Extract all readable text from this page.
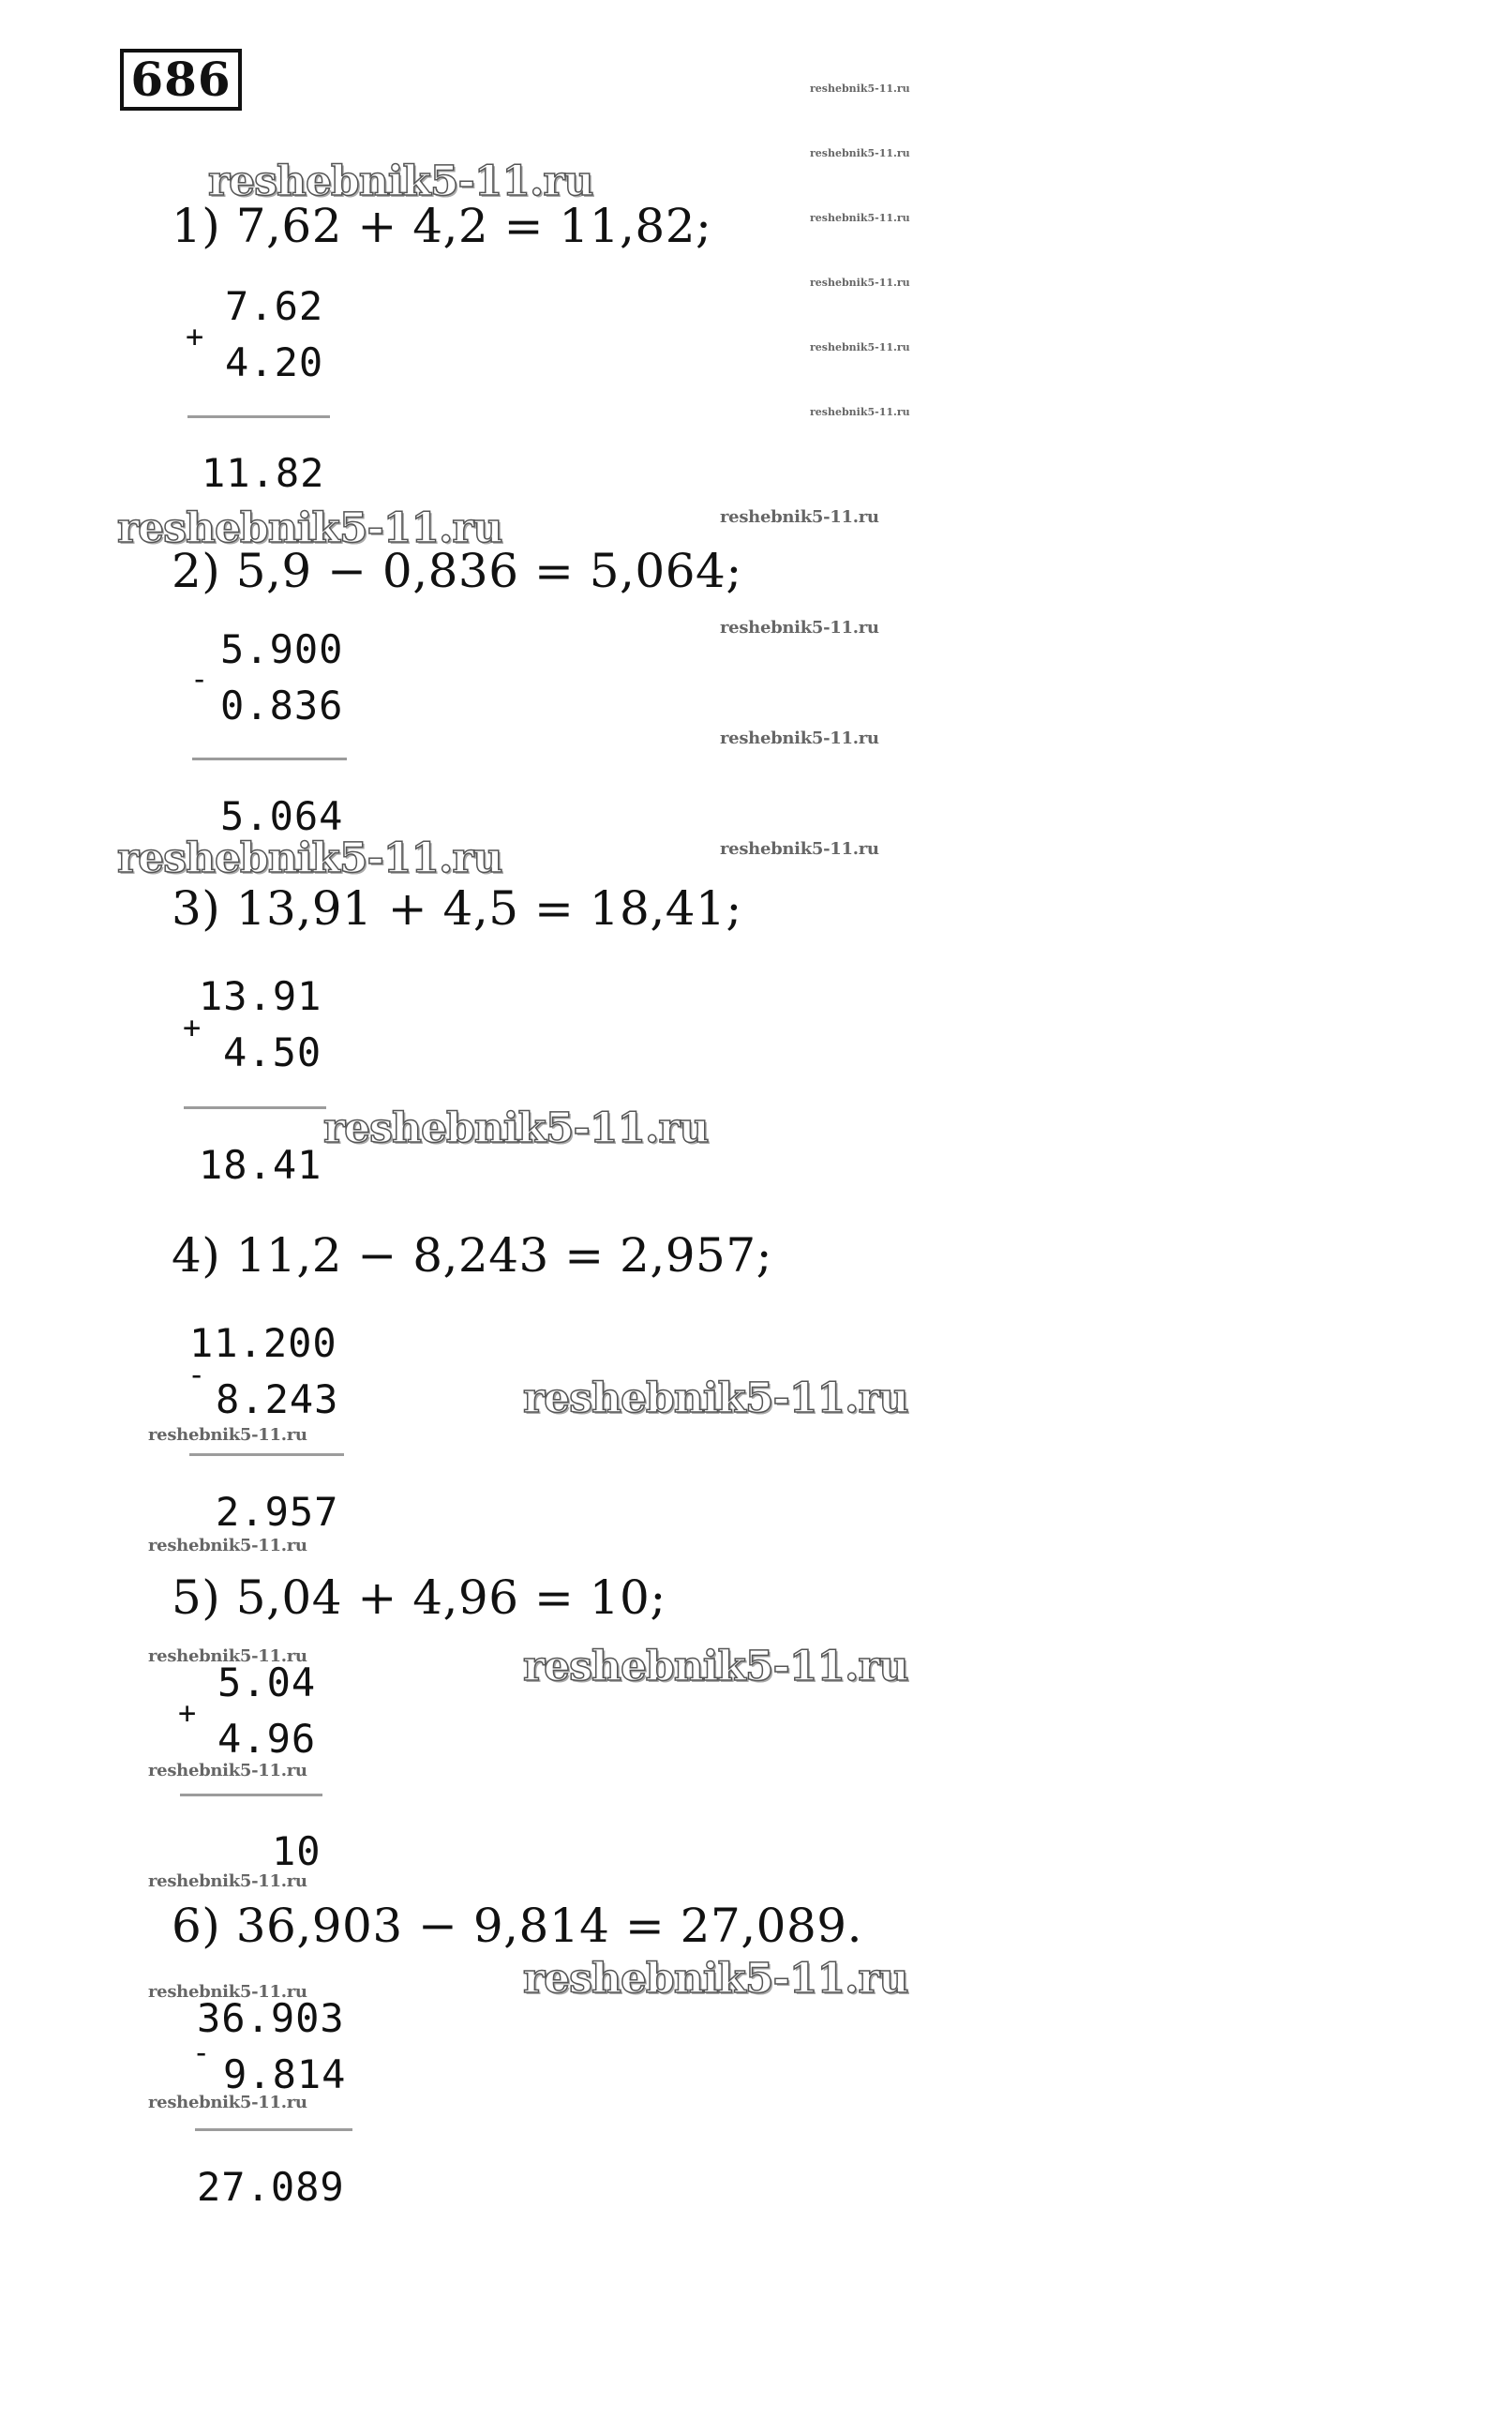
686
1) 7,62 + 4,2 = 11,82;
+
7.62
4.20
11.82
2) 5,9 − 0,836 = 5,064;
-
5.900
0.836
5.064
3) 13,91 + 4,5 = 18,41;
+
13.91
4.50
18.41
4) 11,2 − 8,243 = 2,957;
-
11.200
8.243
2.957
5) 5,04 + 4,96 = 10;
+
5.04
4.96
10
6) 36,903 − 9,814 = 27,089.
-
36.903
9.814
27.089
reshebnik5-11.ru
reshebnik5-11.ru
reshebnik5-11.ru
reshebnik5-11.ru
reshebnik5-11.ru
reshebnik5-11.ru
reshebnik5-11.ru
reshebnik5-11.ru
reshebnik5-11.ru
reshebnik5-11.ru
reshebnik5-11.ru
reshebnik5-11.ru
reshebnik5-11.ru
reshebnik5-11.ru
reshebnik5-11.ru
reshebnik5-11.ru
reshebnik5-11.ru
reshebnik5-11.ru
reshebnik5-11.ru
reshebnik5-11.ru
reshebnik5-11.ru
reshebnik5-11.ru
reshebnik5-11.ru
reshebnik5-11.ru
